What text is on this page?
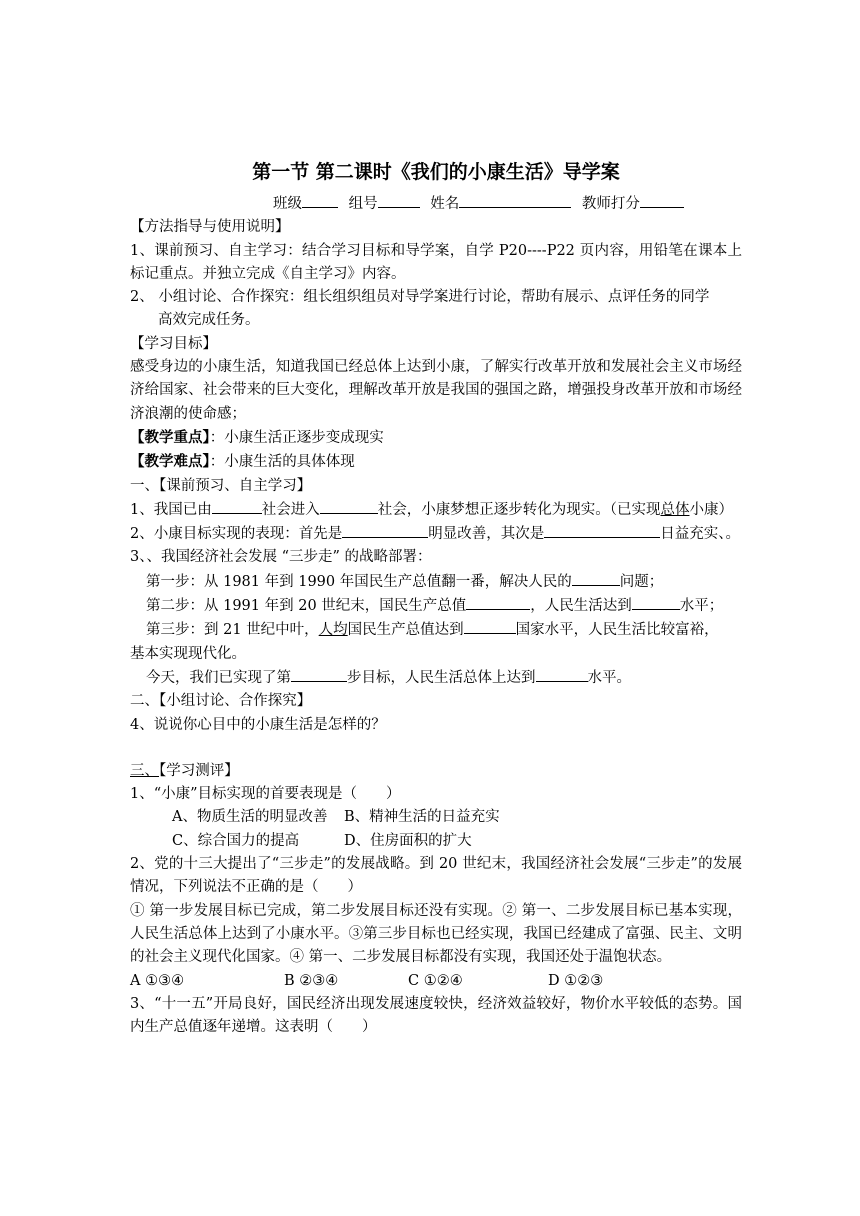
第一节 第二课时《我们的小康生活》导学案
班级	组号	姓名	教师打分
【方法指导与使用说明】
1、课前预习、自主学习：结合学习目标和导学案，自学 P20----P22 页内容，用铅笔在课本上标记重点。并独立完成《自主学习》内容。
2、 小组讨论、合作探究：组长组织组员对导学案进行讨论，帮助有展示、点评任务的同学
高效完成任务。
【学习目标】
感受身边的小康生活，知道我国已经总体上达到小康，了解实行改革开放和发展社会主义市场经济给国家、社会带来的巨大变化，理解改革开放是我国的强国之路，增强投身改革开放和市场经济浪潮的使命感；
【教学重点】：小康生活正逐步变成现实
【教学难点】：小康生活的具体体现
一、【课前预习、自主学习】
1、我国已由	社会进入	社会，小康梦想正逐步转化为现实。（已实现总体小康）
2、小康目标实现的表现：首先是	明显改善，其次是	日益充实、。
3、、我国经济社会发展 “三步走” 的战略部署：
第一步：从 1981 年到 1990 年国民生产总值翻一番，解决人民的	问题；
第二步：从 1991 年到 20 世纪末，国民生产总值	，人民生活达到	水平；
第三步：到 21 世纪中叶，人均国民生产总值达到	国家水平，人民生活比较富裕，
基本实现现代化。
今天，我们已实现了第	步目标，人民生活总体上达到	水平。
二、【小组讨论、合作探究】
4、说说你心目中的小康生活是怎样的？
三、【学习测评】
1、“小康”目标实现的首要表现是（　　）
A、物质生活的明显改善 B、精神生活的日益充实
C、综合国力的提高	D、住房面积的扩大
2、党的十三大提出了“三步走”的发展战略。到 20 世纪末，我国经济社会发展“三步走”的发展情况，下列说法不正确的是（　　）
① 第一步发展目标已完成，第二步发展目标还没有实现。② 第一、二步发展目标已基本实现，人民生活总体上达到了小康水平。③第三步目标也已经实现，我国已经建成了富强、民主、文明的社会主义现代化国家。④ 第一、二步发展目标都没有实现，我国还处于温饱状态。
A ①③④	B ②③④	C ①②④	D ①②③
3、“十一五”开局良好，国民经济出现发展速度较快，经济效益较好，物价水平较低的态势。国内生产总值逐年递增。这表明（　　）
